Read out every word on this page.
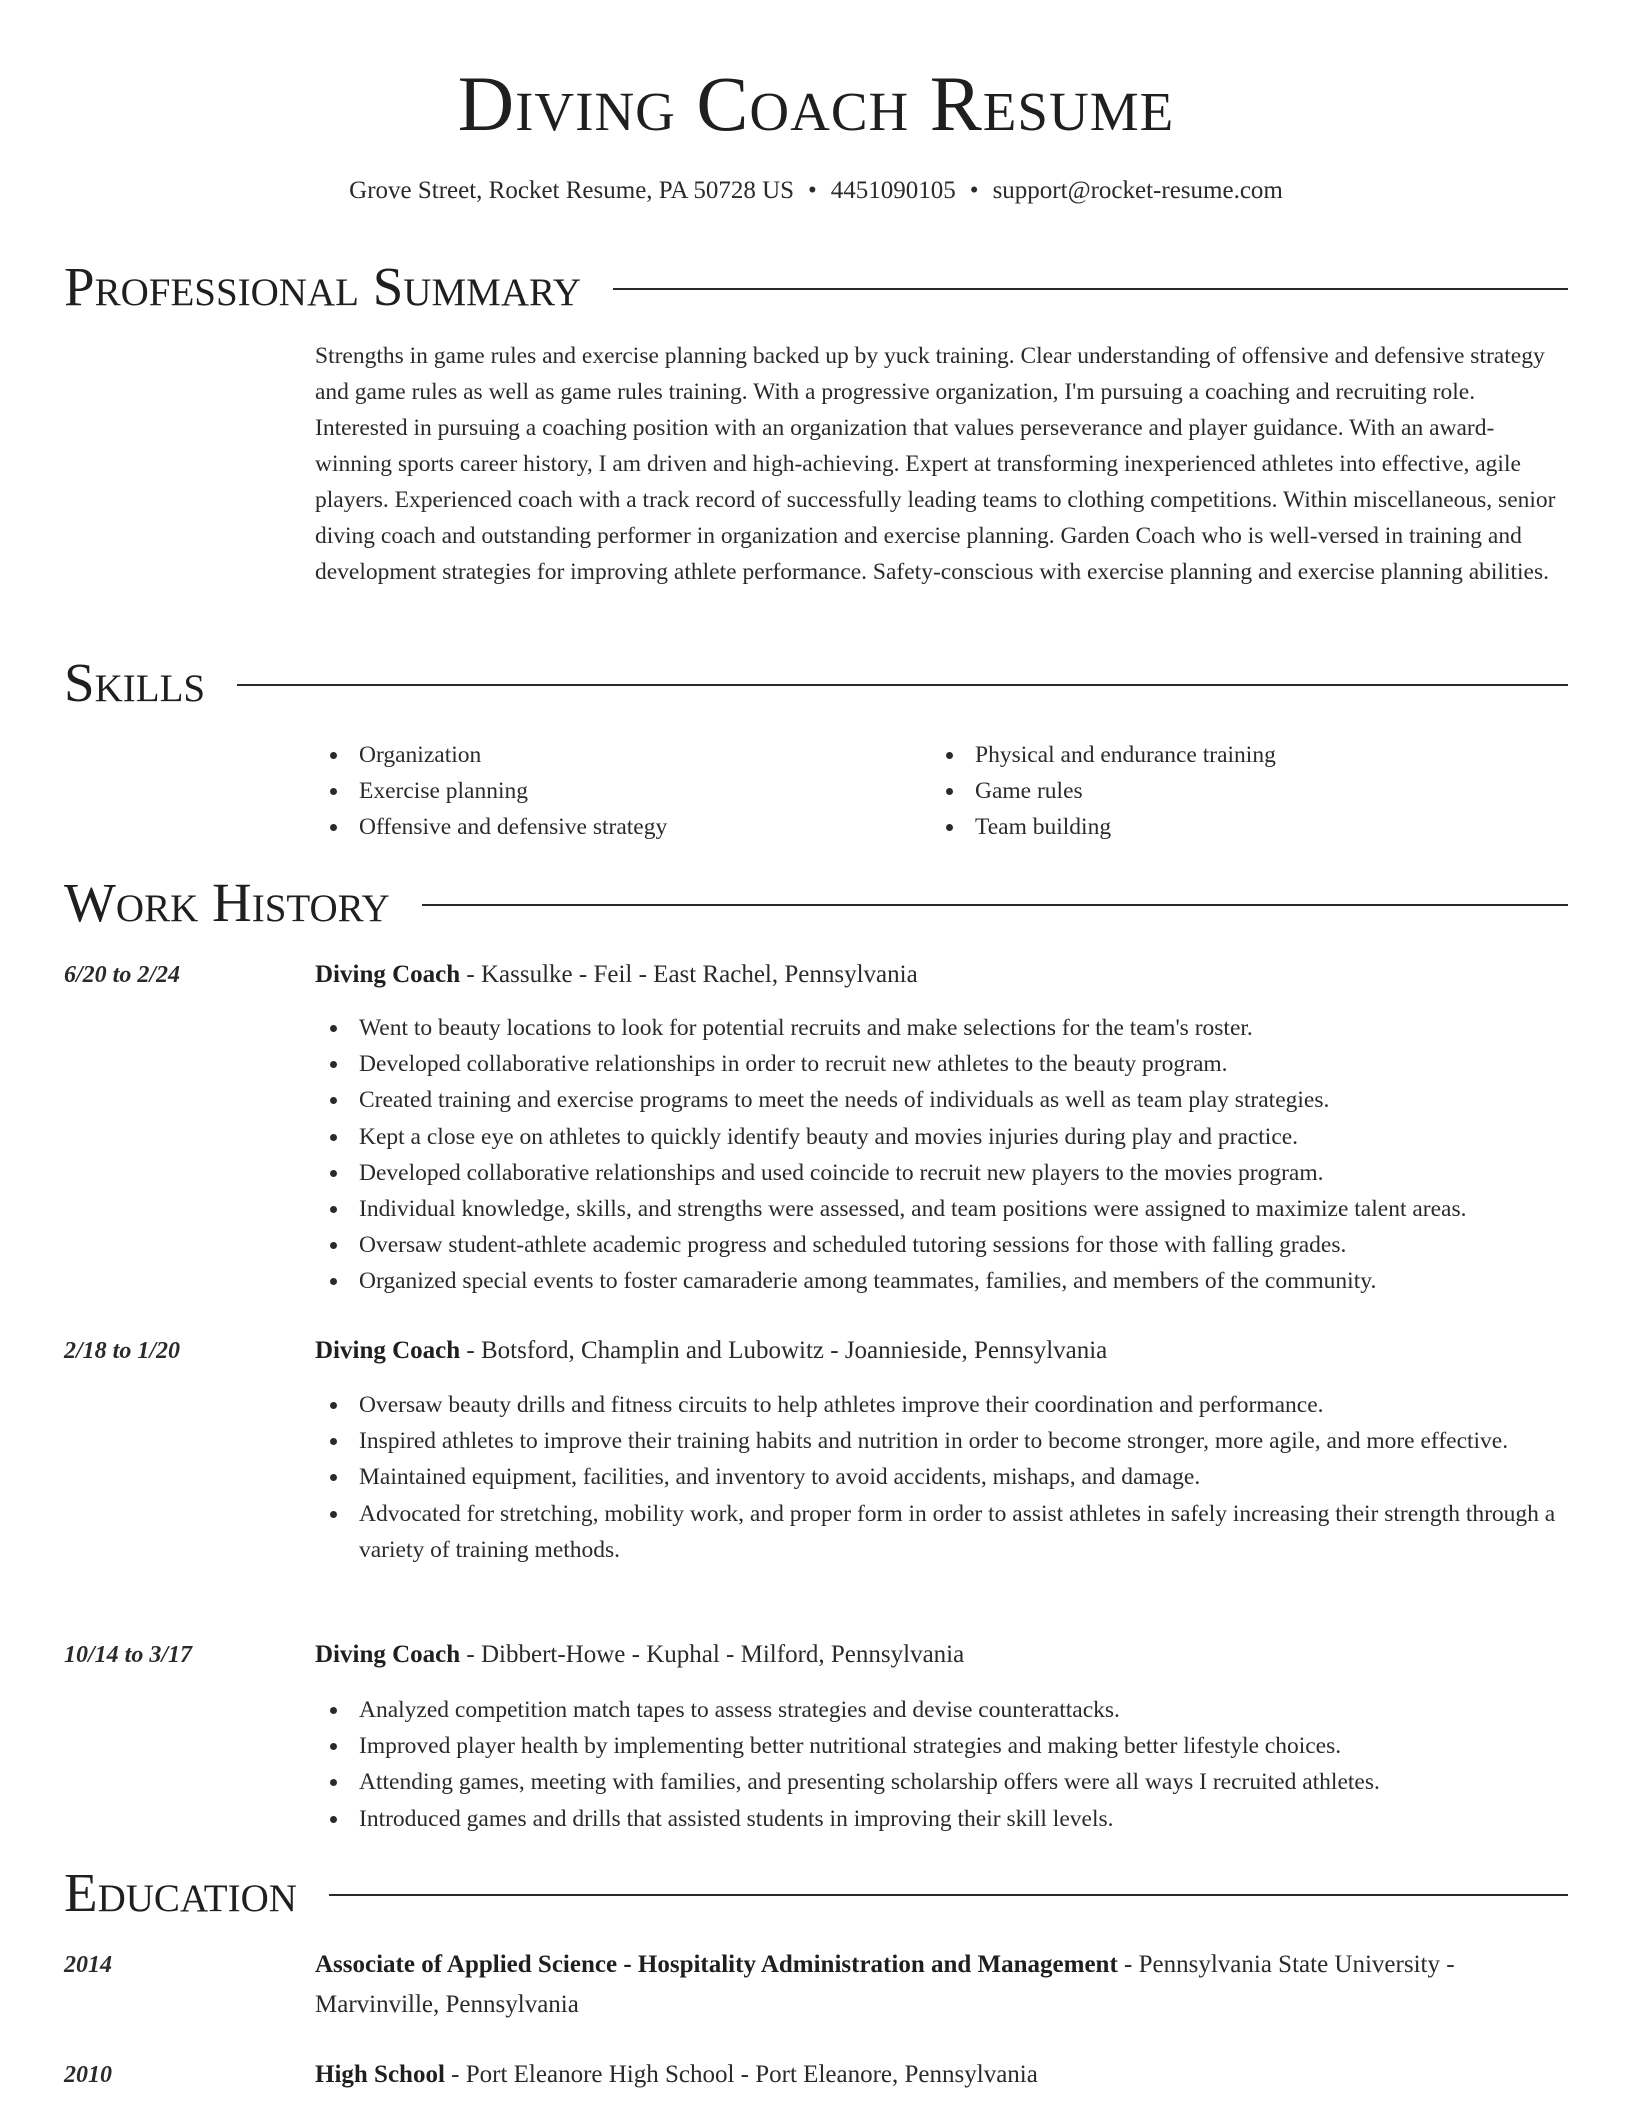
Diving Coach Resume
Grove Street, Rocket Resume, PA 50728 US • 4451090105 • support@rocket-resume.com
Professional Summary

Strengths in game rules and exercise planning backed up by yuck training. Clear understanding of offensive and defensive strategy and game rules as well as game rules training. With a progressive organization, I'm pursuing a coaching and recruiting role. Interested in pursuing a coaching position with an organization that values perseverance and player guidance. With an award-winning sports career history, I am driven and high-achieving. Expert at transforming inexperienced athletes into effective, agile players. Experienced coach with a track record of successfully leading teams to clothing competitions. Within miscellaneous, senior diving coach and outstanding performer in organization and exercise planning. Garden Coach who is well-versed in training and development strategies for improving athlete performance. Safety-conscious with exercise planning and exercise planning abilities.

Skills
Organization
Exercise planning
Offensive and defensive strategy
Physical and endurance training
Game rules
Team building
Work History
6/20 to 2/24	Diving Coach - Kassulke - Feil - East Rachel, Pennsylvania
Went to beauty locations to look for potential recruits and make selections for the team's roster.
Developed collaborative relationships in order to recruit new athletes to the beauty program.
Created training and exercise programs to meet the needs of individuals as well as team play strategies.
Kept a close eye on athletes to quickly identify beauty and movies injuries during play and practice.
Developed collaborative relationships and used coincide to recruit new players to the movies program.
Individual knowledge, skills, and strengths were assessed, and team positions were assigned to maximize talent areas.
Oversaw student-athlete academic progress and scheduled tutoring sessions for those with falling grades.
Organized special events to foster camaraderie among teammates, families, and members of the community.
2/18 to 1/20	Diving Coach - Botsford, Champlin and Lubowitz - Joannieside, Pennsylvania
Oversaw beauty drills and fitness circuits to help athletes improve their coordination and performance.
Inspired athletes to improve their training habits and nutrition in order to become stronger, more agile, and more effective.
Maintained equipment, facilities, and inventory to avoid accidents, mishaps, and damage.
Advocated for stretching, mobility work, and proper form in order to assist athletes in safely increasing their strength through a variety of training methods.
10/14 to 3/17	Diving Coach - Dibbert-Howe - Kuphal - Milford, Pennsylvania
Analyzed competition match tapes to assess strategies and devise counterattacks.
Improved player health by implementing better nutritional strategies and making better lifestyle choices.
Attending games, meeting with families, and presenting scholarship offers were all ways I recruited athletes.
Introduced games and drills that assisted students in improving their skill levels.
Education
2014	Associate of Applied Science - Hospitality Administration and Management - Pennsylvania State University - Marvinville, Pennsylvania
2010	High School - Port Eleanore High School - Port Eleanore, Pennsylvania
